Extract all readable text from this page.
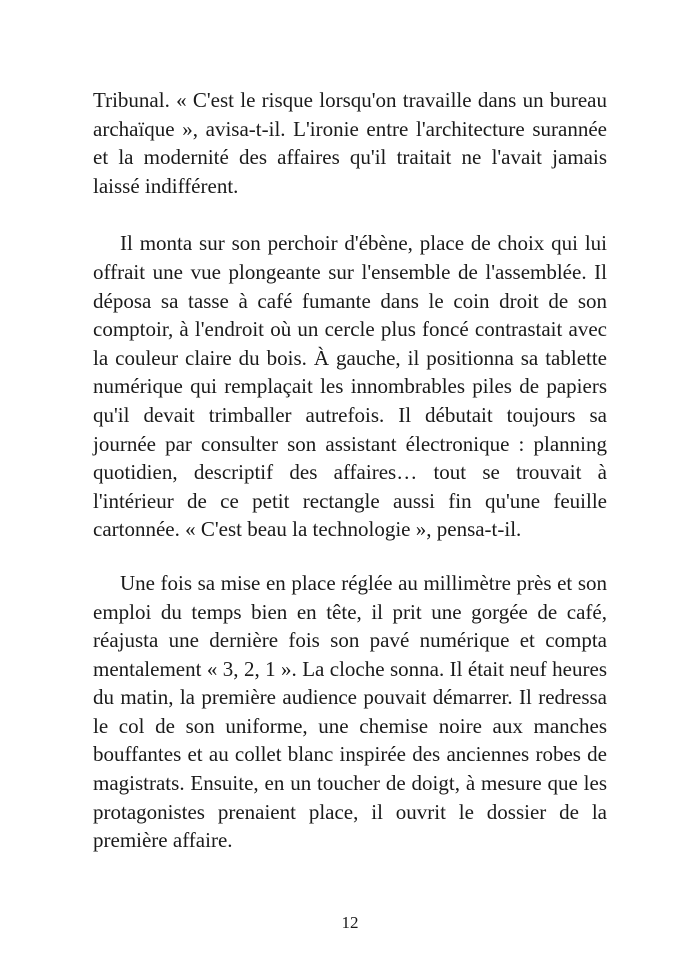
Tribunal. « C'est le risque lorsqu'on travaille dans un bureau
archaïque », avisa-t-il. L'ironie entre l'architecture surannée
et la modernité des affaires qu'il traitait ne l'avait jamais
laissé indifférent.

Il monta sur son perchoir d'ébène, place de choix qui lui
offrait une vue plongeante sur l'ensemble de l'assemblée. Il
déposa sa tasse à café fumante dans le coin droit de son
comptoir, à l'endroit où un cercle plus foncé contrastait avec
la couleur claire du bois. À gauche, il positionna sa tablette
numérique qui remplaçait les innombrables piles de papiers
qu'il devait trimballer autrefois. Il débutait toujours sa
journée par consulter son assistant électronique : planning
quotidien, descriptif des affaires… tout se trouvait à
l'intérieur de ce petit rectangle aussi fin qu'une feuille
cartonnée. « C'est beau la technologie », pensa-t-il.

Une fois sa mise en place réglée au millimètre près et son
emploi du temps bien en tête, il prit une gorgée de café,
réajusta une dernière fois son pavé numérique et compta
mentalement « 3, 2, 1 ». La cloche sonna. Il était neuf heures
du matin, la première audience pouvait démarrer. Il redressa
le col de son uniforme, une chemise noire aux manches
bouffantes et au collet blanc inspirée des anciennes robes de
magistrats. Ensuite, en un toucher de doigt, à mesure que les
protagonistes prenaient place, il ouvrit le dossier de la
première affaire.

12
